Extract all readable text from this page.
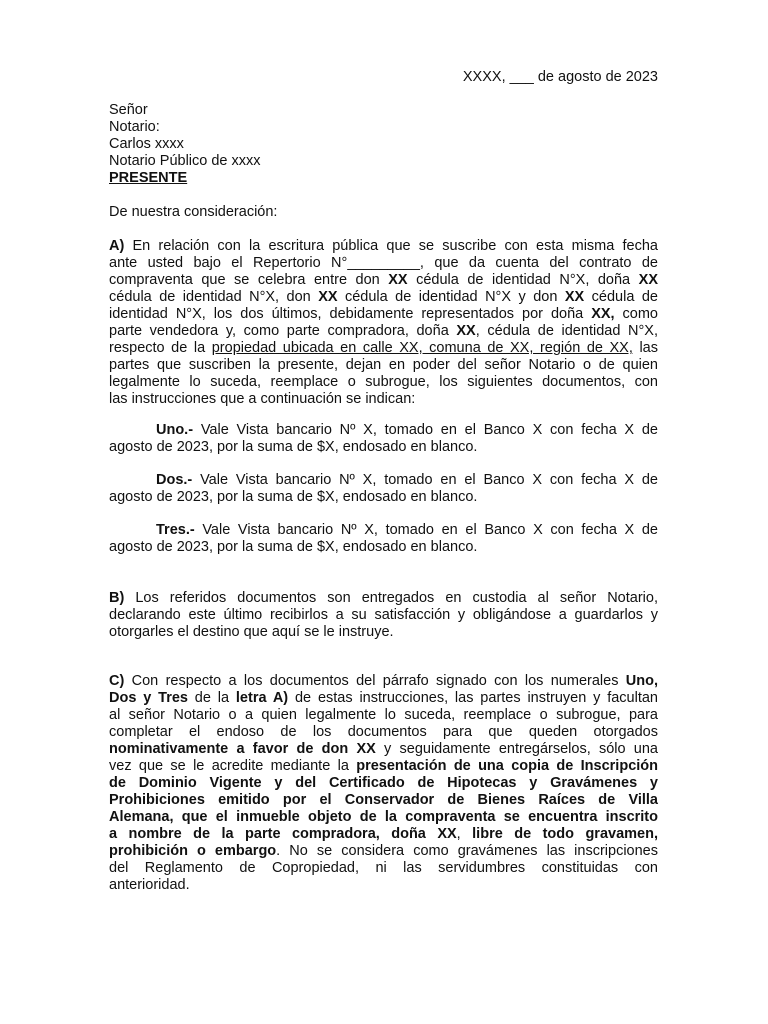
XXXX, ___ de agosto de 2023
Señor
Notario:
Carlos xxxx
Notario Público de xxxx
PRESENTE
De nuestra consideración:
A) En relación con la escritura pública que se suscribe con esta misma fecha
ante usted bajo el Repertorio N°_________, que da cuenta del contrato de
compraventa que se celebra entre don XX cédula de identidad N°X, doña XX
cédula de identidad N°X, don XX cédula de identidad N°X y don XX cédula de
identidad N°X, los dos últimos, debidamente representados por doña XX, como
parte vendedora y, como parte compradora, doña XX, cédula de identidad N°X,
respecto de la propiedad ubicada en calle XX, comuna de XX, región de XX, las
partes que suscriben la presente, dejan en poder del señor Notario o de quien
legalmente lo suceda, reemplace o subrogue, los siguientes documentos, con
las instrucciones que a continuación se indican:
Uno.- Vale Vista bancario Nº X, tomado en el Banco X con fecha X de
agosto de 2023, por la suma de $X, endosado en blanco.
Dos.- Vale Vista bancario Nº X, tomado en el Banco X con fecha X de
agosto de 2023, por la suma de $X, endosado en blanco.
Tres.- Vale Vista bancario Nº X, tomado en el Banco X con fecha X de
agosto de 2023, por la suma de $X, endosado en blanco.
B) Los referidos documentos son entregados en custodia al señor Notario,
declarando este último recibirlos a su satisfacción y obligándose a guardarlos y
otorgarles el destino que aquí se le instruye.
C) Con respecto a los documentos del párrafo signado con los numerales Uno,
Dos y Tres de la letra A) de estas instrucciones, las partes instruyen y facultan
al señor Notario o a quien legalmente lo suceda, reemplace o subrogue, para
completar el endoso de los documentos para que queden otorgados
nominativamente a favor de don XX y seguidamente entregárselos, sólo una
vez que se le acredite mediante la presentación de una copia de Inscripción
de Dominio Vigente y del Certificado de Hipotecas y Gravámenes y
Prohibiciones emitido por el Conservador de Bienes Raíces de Villa
Alemana, que el inmueble objeto de la compraventa se encuentra inscrito
a nombre de la parte compradora, doña XX, libre de todo gravamen,
prohibición o embargo. No se considera como gravámenes las inscripciones
del Reglamento de Copropiedad, ni las servidumbres constituidas con
anterioridad.
